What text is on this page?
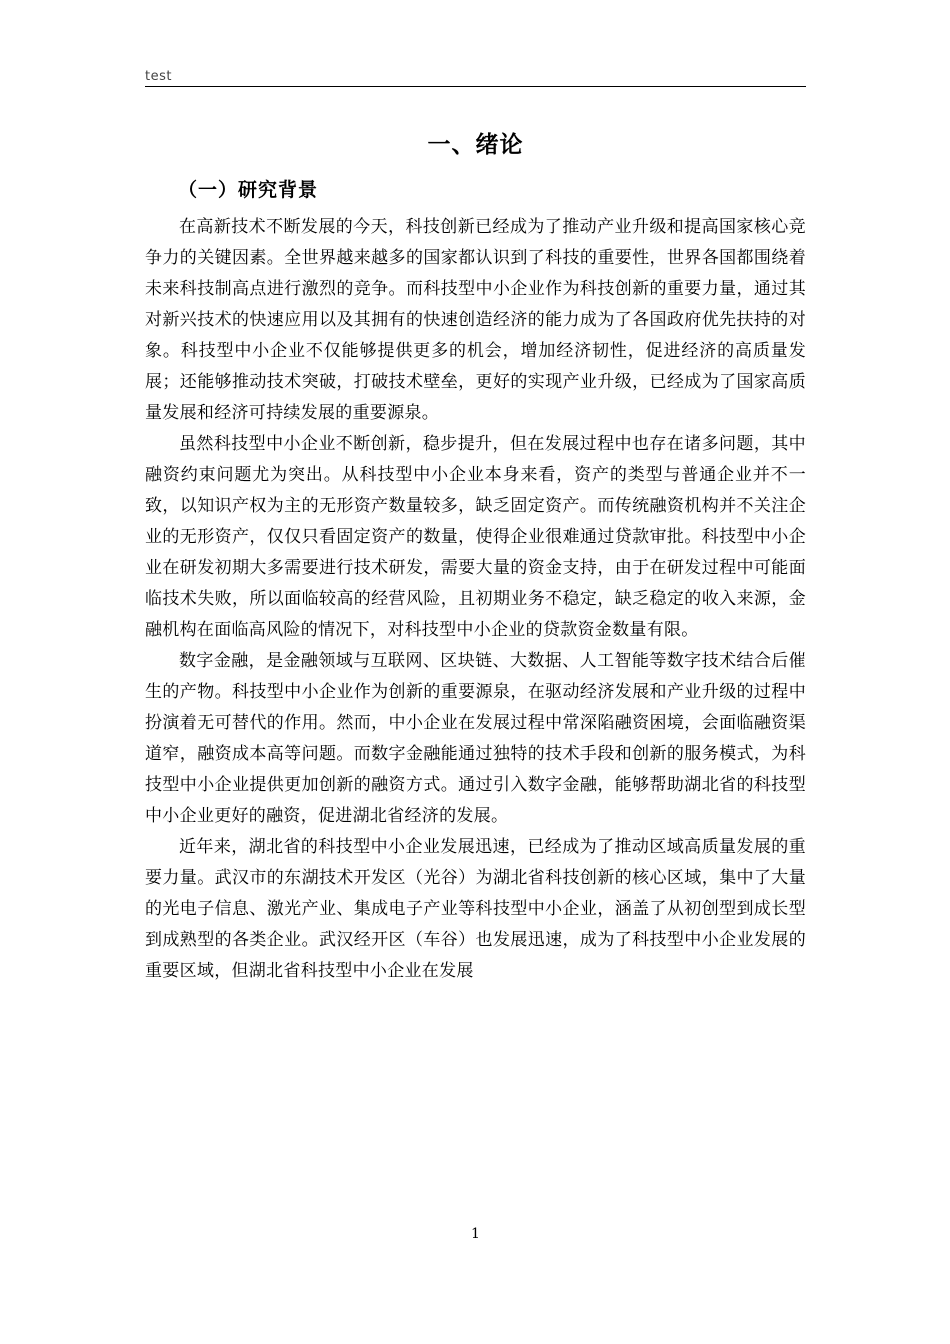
test
一、绪论
（一）研究背景

在高新技术不断发展的今天，科技创新已经成为了推动产业升级和提高国家核心竞争力的关键因素。全世界越来越多的国家都认识到了科技的重要性，世界各国都围绕着未来科技制高点进行激烈的竞争。而科技型中小企业作为科技创新的重要力量，通过其对新兴技术的快速应用以及其拥有的快速创造经济的能力成为了各国政府优先扶持的对象。科技型中小企业不仅能够提供更多的机会，增加经济韧性，促进经济的高质量发展；还能够推动技术突破，打破技术壁垒，更好的实现产业升级，已经成为了国家高质量发展和经济可持续发展的重要源泉。

虽然科技型中小企业不断创新，稳步提升，但在发展过程中也存在诸多问题，其中融资约束问题尤为突出。从科技型中小企业本身来看，资产的类型与普通企业并不一致，以知识产权为主的无形资产数量较多，缺乏固定资产。而传统融资机构并不关注企业的无形资产，仅仅只看固定资产的数量，使得企业很难通过贷款审批。科技型中小企业在研发初期大多需要进行技术研发，需要大量的资金支持，由于在研发过程中可能面临技术失败，所以面临较高的经营风险，且初期业务不稳定，缺乏稳定的收入来源，金融机构在面临高风险的情况下，对科技型中小企业的贷款资金数量有限。

数字金融，是金融领域与互联网、区块链、大数据、人工智能等数字技术结合后催生的产物。科技型中小企业作为创新的重要源泉，在驱动经济发展和产业升级的过程中扮演着无可替代的作用。然而，中小企业在发展过程中常深陷融资困境，会面临融资渠道窄，融资成本高等问题。而数字金融能通过独特的技术手段和创新的服务模式，为科技型中小企业提供更加创新的融资方式。通过引入数字金融，能够帮助湖北省的科技型中小企业更好的融资，促进湖北省经济的发展。

近年来，湖北省的科技型中小企业发展迅速，已经成为了推动区域高质量发展的重要力量。武汉市的东湖技术开发区（光谷）为湖北省科技创新的核心区域，集中了大量的光电子信息、激光产业、集成电子产业等科技型中小企业，涵盖了从初创型到成长型到成熟型的各类企业。武汉经开区（车谷）也发展迅速，成为了科技型中小企业发展的重要区域，但湖北省科技型中小企业在发展

1
